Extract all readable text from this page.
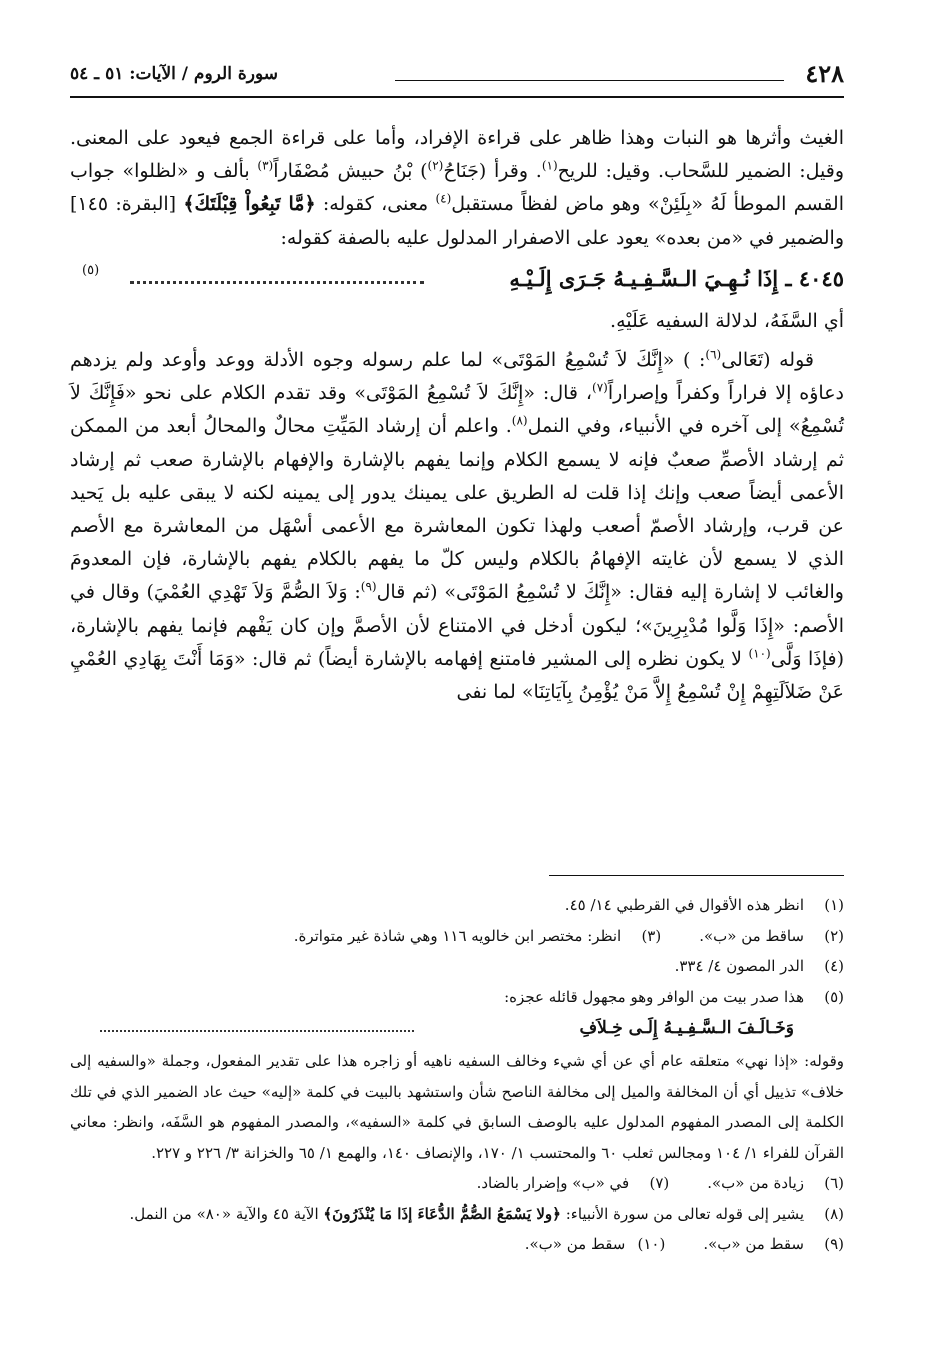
٤٢٨
سورة الروم / الآيات: ٥١ ـ ٥٤

الغيث وأثرها هو النبات وهذا ظاهر على قراءة الإفراد، وأما على قراءة الجمع فيعود على المعنى. وقيل: الضمير للسَّحاب. وقيل: للريح$^{(١)}$. وقرأ (جَنَاحُ$^{(٢)}$) بْنُ حبيش مُصْفَاراً$^{(٣)}$ بألف و «لظلوا» جواب القسم الموطأ لَهُ «بِلَئِنْ» وهو ماض لفظاً مستقبل$^{(٤)}$ معنى، كقوله: ﴿مَّا تَبِعُواْ قِبْلَتَكَ﴾ [البقرة: ١٤٥] والضمير في «من بعده» يعود على الاصفرار المدلول عليه بالصفة كقوله:

٤٠٤٥ ـ إِذَا نُـهِـيَ الـسَّـفِـيـهُ جَـرَى إِلَـيْـهِ
(٥)

أي السَّفَهُ، لدلالة السفيه عَلَيْهِ.

قوله (تَعَالى$^{(٦)}$: ) «إِنَّكَ لاَ تُسْمِعُ المَوْتَى» لما علم رسوله وجوه الأدلة ووعد وأوعد ولم يزدهم دعاؤه إلا فراراً وكفراً وإصراراً$^{(٧)}$، قال: «إِنَّكَ لاَ تُسْمِعُ المَوْتَى» وقد تقدم الكلام على نحو «فَإِنَّكَ لاَ تُسْمِعُ» إلى آخره في الأنبياء، وفي النمل$^{(٨)}$. واعلم أن إرشاد المَيِّتِ محالٌ والمحالُ أبعد من الممكن ثم إرشاد الأصمِّ صعبٌ فإنه لا يسمع الكلام وإنما يفهم بالإشارة والإفهام بالإشارة صعب ثم إرشاد الأعمى أيضاً صعب وإنك إذا قلت له الطريق على يمينك يدور إلى يمينه لكنه لا يبقى عليه بل يَحيد عن قرب، وإرشاد الأصمّ أصعب ولهذا تكون المعاشرة مع الأعمى أسْهَل من المعاشرة مع الأصم الذي لا يسمع لأن غايته الإفهامُ بالكلام وليس كلّ ما يفهم بالكلام يفهم بالإشارة، فإن المعدومَ والغائب لا إشارة إليه فقال: «إِنَّكَ لا تُسْمِعُ المَوْتَى» (ثم قال$^{(٩)}$: وَلاَ الصُّمَّ وَلاَ تَهْدِي العُمْيَ) وقال في الأصم: «إِذَا وَلَّوا مُدْبِرِينَ»؛ ليكون أدخل في الامتناع لأن الأصمَّ وإن كان يَفْهم فإنما يفهم بالإشارة، (فإذَا وَلَّى$^{(١٠)}$ لا يكون نظره إلى المشير فامتنع إفهامه بالإشارة أيضاً) ثم قال: «وَمَا أَنْتَ بِهَادِي العُمْيِ عَنْ ضَلاَلَتِهِمْ إِنْ تُسْمِعُ إِلاَّ مَنْ يُؤْمِنُ بِآيَاتِنَا» لما نفى

(١)
انظر هذه الأقوال في القرطبي ١٤/ ٤٥.
(٢)
ساقط من «ب».
(٣)
انظر: مختصر ابن خالويه ١١٦ وهي شاذة غير متواترة.
(٤)
الدر المصون ٤/ ٣٣٤.
(٥)
هذا صدر بيت من الوافر وهو مجهول قائله عجزه:
وَخَـالَـفَ الـسَّـفِـيـهُ إِلَـى خِـلاَفِ

وقوله: «إذا نهي» متعلقه عام أي عن أي شيء وخالف السفيه ناهيه أو زاجره هذا على تقدير المفعول، وجملة «والسفيه إلى خلاف» تذييل أي أن المخالفة والميل إلى مخالفة الناصح شأن واستشهد بالبيت في كلمة «إليه» حيث عاد الضمير الذي في تلك الكلمة إلى المصدر المفهوم المدلول عليه بالوصف السابق في كلمة «السفيه»، والمصدر المفهوم هو السَّفَه، وانظر: معاني القرآن للفراء ١/ ١٠٤ ومجالس ثعلب ٦٠ والمحتسب ١/ ١٧٠، والإنصاف ١٤٠، والهمع ١/ ٦٥ والخزانة ٣/ ٢٢٦ و ٢٢٧.

(٦)
زيادة من «ب».
(٧)
في «ب» وإضرار بالضاد.
(٨)
يشير إلى قوله تعالى من سورة الأنبياء: ﴿ولا يَسْمَعُ الصُّمُّ الدُّعَاءَ إذَا مَا يُنْذَرُونَ﴾ الآية ٤٥ والآية «٨٠» من النمل.
(٩)
سقط من «ب».
(١٠)
سقط من «ب».
